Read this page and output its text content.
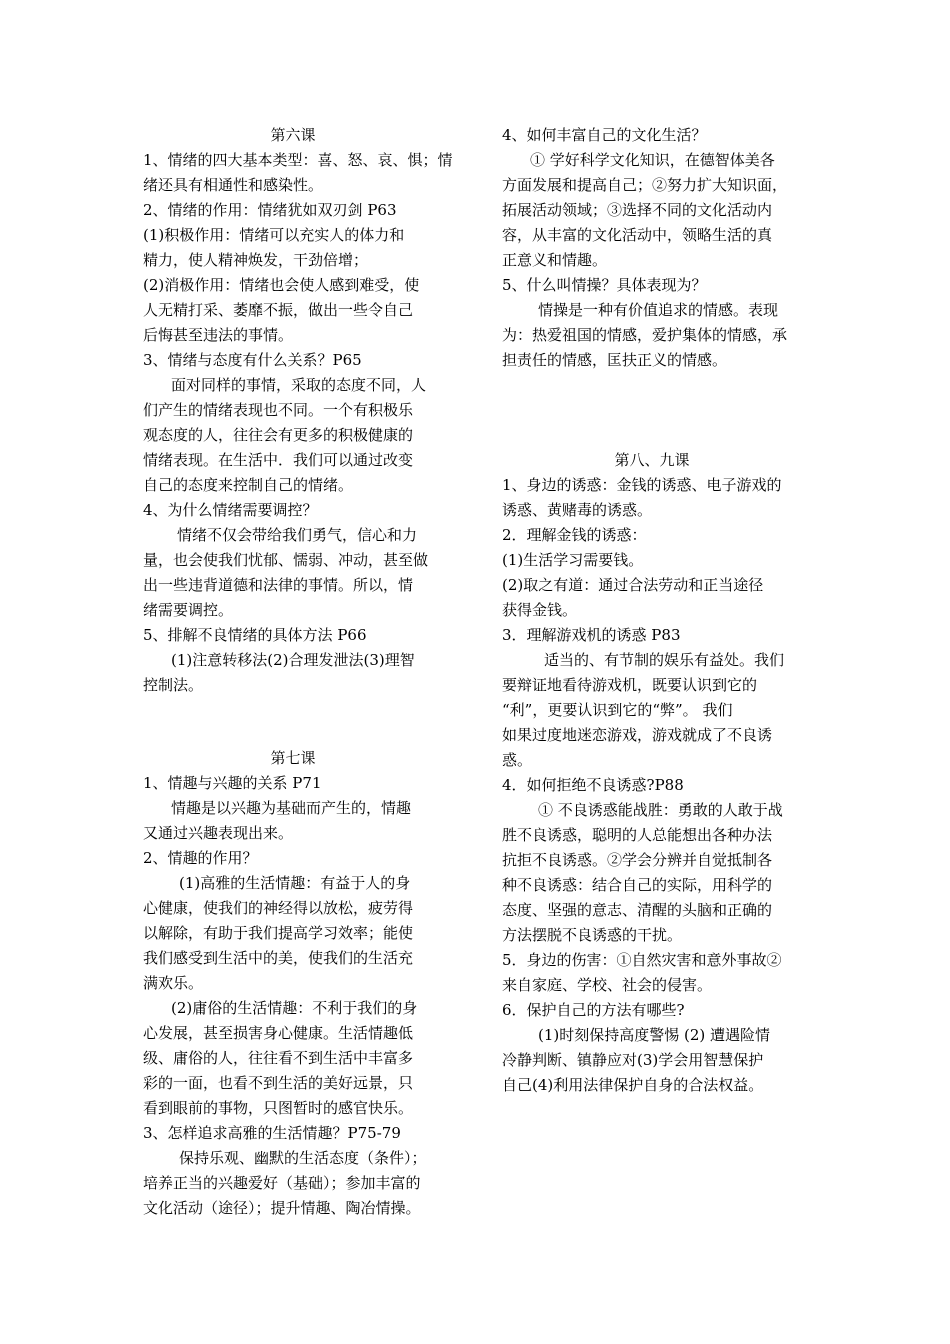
第六课
1、情绪的四大基本类型：喜、怒、哀、惧；情
绪还具有相通性和感染性。
2、情绪的作用：情绪犹如双刃剑 P63
(1)积极作用：情绪可以充实人的体力和
精力，使人精神焕发，干劲倍增；
(2)消极作用：情绪也会使人感到难受，使
人无精打采、萎靡不振，做出一些令自己
后悔甚至违法的事情。
3、情绪与态度有什么关系？P65
面对同样的事情，采取的态度不同，人
们产生的情绪表现也不同。一个有积极乐
观态度的人，往往会有更多的积极健康的
情绪表现。在生活中．我们可以通过改变
自己的态度来控制自己的情绪。
4、为什么情绪需要调控？
情绪不仅会带给我们勇气，信心和力
量，也会使我们忧郁、懦弱、冲动，甚至做
出一些违背道德和法律的事情。所以，情
绪需要调控。
5、排解不良情绪的具体方法 P66
(1)注意转移法(2)合理发泄法(3)理智
控制法。
第七课
1、情趣与兴趣的关系 P71
情趣是以兴趣为基础而产生的，情趣
又通过兴趣表现出来。
2、情趣的作用？
(1)高雅的生活情趣：有益于人的身
心健康，使我们的神经得以放松，疲劳得
以解除，有助于我们提高学习效率；能使
我们感受到生活中的美，使我们的生活充
满欢乐。
(2)庸俗的生活情趣：不利于我们的身
心发展，甚至损害身心健康。生活情趣低
级、庸俗的人，往往看不到生活中丰富多
彩的一面，也看不到生活的美好远景，只
看到眼前的事物，只图暂时的感官快乐。
3、怎样追求高雅的生活情趣？P75-79
保持乐观、幽默的生活态度（条件）；
培养正当的兴趣爱好（基础）；参加丰富的
文化活动（途径）；提升情趣、陶冶情操。
4、如何丰富自己的文化生活？
① 学好科学文化知识，在德智体美各
方面发展和提高自己；②努力扩大知识面，
拓展活动领域；③选择不同的文化活动内
容，从丰富的文化活动中，领略生活的真
正意义和情趣。
5、什么叫情操？具体表现为？
情操是一种有价值追求的情感。表现
为：热爱祖国的情感，爱护集体的情感，承
担责任的情感，匡扶正义的情感。
第八、九课
1、身边的诱惑：金钱的诱惑、电子游戏的
诱惑、黄赌毒的诱惑。
2．理解金钱的诱惑：
(1)生活学习需要钱。
(2)取之有道：通过合法劳动和正当途径
获得金钱。
3．理解游戏机的诱惑 P83
适当的、有节制的娱乐有益处。我们
要辩证地看待游戏机，既要认识到它的
“利”，更要认识到它的“弊”。 我们
如果过度地迷恋游戏，游戏就成了不良诱
惑。
4．如何拒绝不良诱惑?P88
① 不良诱惑能战胜：勇敢的人敢于战
胜不良诱惑，聪明的人总能想出各种办法
抗拒不良诱惑。②学会分辨并自觉抵制各
种不良诱惑：结合自己的实际，用科学的
态度、坚强的意志、清醒的头脑和正确的
方法摆脱不良诱惑的干扰。
5．身边的伤害：①自然灾害和意外事故②
来自家庭、学校、社会的侵害。
6．保护自己的方法有哪些?
(1)时刻保持高度警惕 (2) 遭遇险情
冷静判断、镇静应对(3)学会用智慧保护
自己(4)利用法律保护自身的合法权益。
